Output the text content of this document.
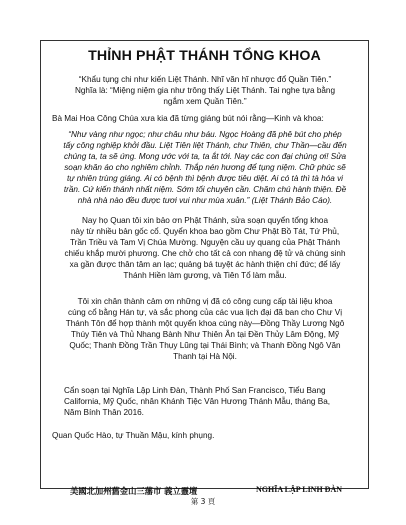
THỈNH PHẬT THÁNH TỔNG KHOA

“Khẩu tụng chi như kiến Liệt Thánh. Nhĩ văn hĩ nhược đổ Quần Tiên.”

Nghĩa là: “Miệng niệm gia như trông thấy Liệt Thánh. Tai nghe tựa bằng

ngắm xem Quần Tiên.”

Bà Mai Hoa Công Chúa xưa kia đã từng giáng bút nói rằng—Kinh và khoa:

“Như vàng như ngọc; như châu như báu. Ngọc Hoàng đã phê bút cho phép

tấy công nghiệp khởi đầu. Liệt Tiên liệt Thánh, chư Thiên, chư Thần—cầu đến

chúng ta, ta sẽ ứng. Mong ước với ta, ta ắt tới. Nay các con đại chúng ơi! Sửa

soạn khăn áo cho nghiêm chỉnh. Thắp nén hương để tụng niệm. Chữ phúc sẽ

tự nhiên trùng giáng. Ai có bệnh thì bệnh được tiêu diệt. Ai có tà thì tà hóa vi

trần. Cứ kiến thánh nhất niệm. Sớm tối chuyên cần. Chăm chú hành thiện. Đề

nhà nhà nào đều được tươi vui như mùa xuân.” (Liệt Thánh Bảo Cáo).

Nay họ Quan tôi xin bảo ơn Phật Thánh, sửa soạn quyển tổng khoa

này từ nhiều bản gốc cổ. Quyển khoa bao gồm Chư Phật Bồ Tát, Tứ Phủ,

Trần Triều và Tam Vị Chúa Mường. Nguyện cầu uy quang của Phật Thánh

chiếu khắp mười phương. Che chở cho tất cả con nhang đệ tử và chúng sinh

xa gần được thân tâm an lạc; quảng bá tuyệt ác hành thiện chí đức; để lấy

Thánh Hiền làm gương, và Tiên Tổ làm mẫu.

Tôi xin chân thành cảm ơn những vị đã có công cung cấp tài liệu khoa

cúng cổ bằng Hán tự, và sắc phong của các vua lịch đại đã ban cho Chư Vị

Thánh Tôn để hợp thành một quyển khoa cúng này—Đồng Thầy Lương Ngô

Thúy Tiên và Thủ Nhang Bành Như Thiên Ân tại Đền Thủy Lâm Động, Mỹ

Quốc; Thanh Đồng Trần Thụy Lũng tại Thái Bình; và Thanh Đồng Ngô Văn

Thanh tại Hà Nội.

Cẩn soạn tại Nghĩa Lập Linh Đàn, Thành Phố San Francisco, Tiểu Bang

California, Mỹ Quốc, nhân Khánh Tiệc Vân Hương Thánh Mẫu, tháng Ba,

Năm Bính Thân 2016.

Quan Quốc Hào, tự Thuần Mậu, kính phụng.

美國北加州舊金山三藩市 義立靈壇	NGHĨA LẬP LINH ĐÀN
第 3 頁
